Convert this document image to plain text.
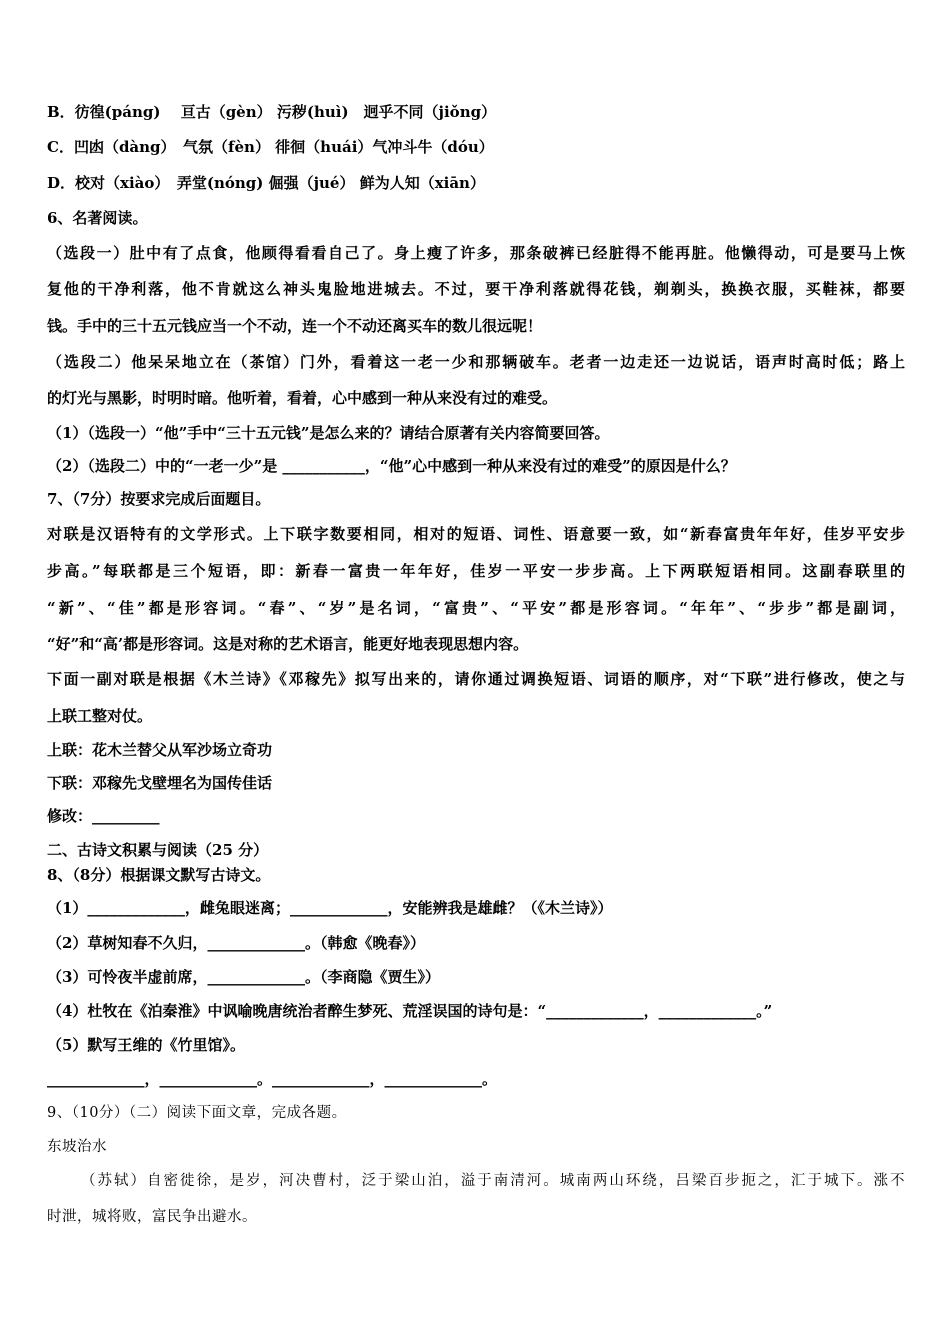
B．彷徨(páng)　 亘古（gèn） 污秽(huì)　迥乎不同（jiǒng）
C．凹凼（dàng）　气氛（fèn） 徘徊（huái）气冲斗牛（dóu）
D．校对（xiào）　弄堂(nóng) 倔强（jué） 鲜为人知（xiān）
6、名著阅读。
（选段一）肚中有了点食，他顾得看看自己了。身上瘦了许多，那条破裤已经脏得不能再脏。他懒得动，可是要马上恢
复他的干净利落，他不肯就这么神头鬼脸地进城去。不过，要干净利落就得花钱，剃剃头，换换衣服，买鞋袜，都要
钱。手中的三十五元钱应当一个不动，连一个不动还离买车的数儿很远呢！
（选段二）他呆呆地立在（茶馆）门外，看着这一老一少和那辆破车。老者一边走还一边说话，语声时高时低；路上
的灯光与黑影，时明时暗。他听着，看着，心中感到一种从来没有过的难受。
（1）（选段一）“他”手中“三十五元钱”是怎么来的？请结合原著有关内容简要回答。
（2）（选段二）中的“一老一少”是 ___________，“他”心中感到一种从来没有过的难受”的原因是什么？
7、（7分）按要求完成后面题目。
对联是汉语特有的文学形式。上下联字数要相同，相对的短语、词性、语意要一致，如“新春富贵年年好，佳岁平安步
步高。”每联都是三个短语，即：新春一富贵一年年好，佳岁一平安一步步高。上下两联短语相同。这副春联里的
“新”、“佳”都是形容词。“春”、“岁”是名词，“富贵”、“平安”都是形容词。“年年”、“步步”都是副词，
“好”和“高’都是形容词。这是对称的艺术语言，能更好地表现思想内容。
下面一副对联是根据《木兰诗》《邓稼先》拟写出来的，请你通过调换短语、词语的顺序，对“下联”进行修改，使之与
上联工整对仗。
上联：花木兰替父从军沙场立奇功
下联：邓稼先戈壁埋名为国传佳话
修改：_________
二、古诗文积累与阅读（25 分）
8、（8分）根据课文默写古诗文。
（1）_____________，雌兔眼迷离；_____________，安能辨我是雄雌？（《木兰诗》）
（2）草树知春不久归，_____________。（韩愈《晚春》）
（3）可怜夜半虚前席，_____________。（李商隐《贾生》）
（4）杜牧在《泊秦淮》中讽喻晚唐统治者醉生梦死、荒淫误国的诗句是：“_____________，_____________。”
（5）默写王维的《竹里馆》。
_____________，_____________。_____________，_____________。
9、（10分）（二）阅读下面文章，完成各题。
东坡治水
（苏轼）自密徙徐，是岁，河决曹村，泛于梁山泊，溢于南清河。城南两山环绕，吕梁百步扼之，汇于城下。涨不
时泄，城将败，富民争出避水。
